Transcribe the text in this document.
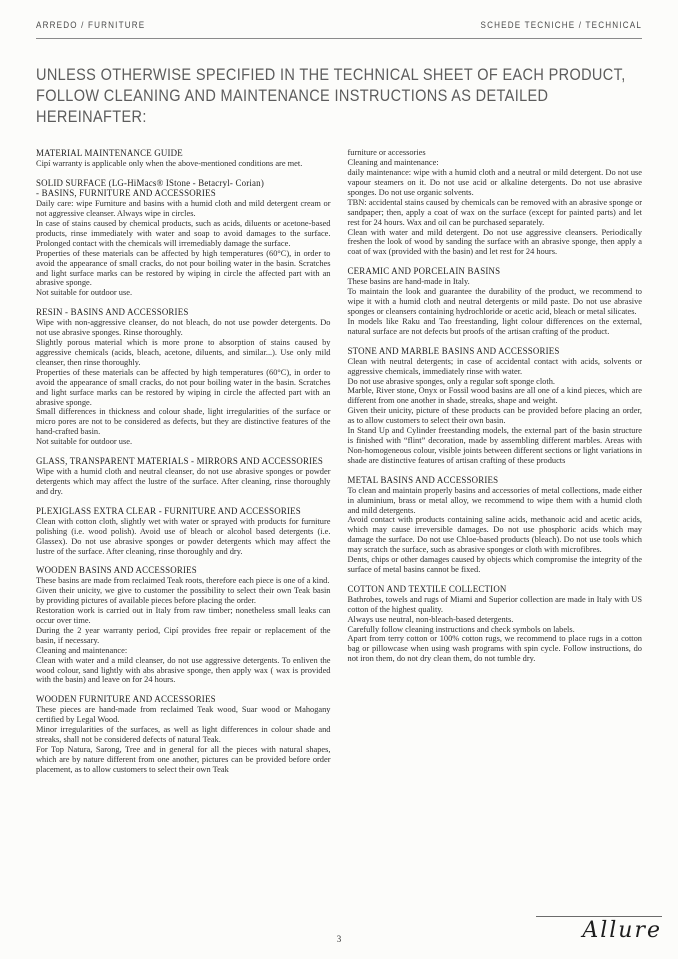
ARREDO / FURNITURE	SCHEDE TECNICHE / TECHNICAL
UNLESS OTHERWISE SPECIFIED IN THE TECHNICAL SHEET OF EACH PRODUCT, FOLLOW CLEANING AND MAINTENANCE INSTRUCTIONS AS DETAILED HEREINAFTER:
MATERIAL MAINTENANCE GUIDE

Cipí warranty is applicable only when the above-mentioned conditions are met.

SOLID SURFACE (LG-HiMacs® IStone - Betacryl- Corian)
- BASINS, FURNITURE AND ACCESSORIES

Daily care: wipe Furniture and basins with a humid cloth and mild detergent cream or not aggressive cleanser. Always wipe in circles.

In case of stains caused by chemical products, such as acids, diluents or acetone-based products, rinse immediately with water and soap to avoid damages to the surface. Prolonged contact with the chemicals will irremediably damage the surface.

Properties of these materials can be affected by high temperatures (60°C), in order to avoid the appearance of small cracks, do not pour boiling water in the basin. Scratches and light surface marks can be restored by wiping in circle the affected part with an abrasive sponge.

Not suitable for outdoor use.

RESIN - BASINS AND ACCESSORIES

Wipe with non-aggressive cleanser, do not bleach, do not use powder detergents. Do not use abrasive sponges. Rinse thoroughly.

Slightly porous material which is more prone to absorption of stains caused by aggressive chemicals (acids, bleach, acetone, diluents, and similar...). Use only mild cleanser, then rinse thoroughly.

Properties of these materials can be affected by high temperatures (60°C), in order to avoid the appearance of small cracks, do not pour boiling water in the basin. Scratches and light surface marks can be restored by wiping in circle the affected part with an abrasive sponge.

Small differences in thickness and colour shade, light irregularities of the surface or micro pores are not to be considered as defects, but they are distinctive features of the hand-crafted basin.

Not suitable for outdoor use.

GLASS, TRANSPARENT MATERIALS - MIRRORS AND ACCESSORIES

Wipe with a humid cloth and neutral cleanser, do not use abrasive sponges or powder detergents which may affect the lustre of the surface. After cleaning, rinse thoroughly and dry.

PLEXIGLASS EXTRA CLEAR - FURNITURE AND ACCESSORIES

Clean with cotton cloth, slightly wet with water or sprayed with products for furniture polishing (i.e. wood polish). Avoid use of bleach or alcohol based detergents (i.e. Glassex). Do not use abrasive sponges or powder detergents which may affect the lustre of the surface. After cleaning, rinse thoroughly and dry.

WOODEN BASINS AND ACCESSORIES

These basins are made from reclaimed Teak roots, therefore each piece is one of a kind.

Given their unicity, we give to customer the possibility to select their own Teak basin by providing pictures of available pieces before placing the order.

Restoration work is carried out in Italy from raw timber; nonetheless small leaks can occur over time.

During the 2 year warranty period, Cipí provides free repair or replacement of the basin, if necessary.

Cleaning and maintenance:

Clean with water and a mild cleanser, do not use aggressive detergents. To enliven the wood colour, sand lightly with abs abrasive sponge, then apply wax ( wax is provided with the basin) and leave on for 24 hours.

WOODEN FURNITURE AND ACCESSORIES

These pieces are hand-made from reclaimed Teak wood, Suar wood or Mahogany certified by Legal Wood.

Minor irregularities of the surfaces, as well as light differences in colour shade and streaks, shall not be considered defects of natural Teak.

For Top Natura, Sarong, Tree and in general for all the pieces with natural shapes, which are by nature different from one another, pictures can be provided before order placement, as to allow customers to select their own Teak

furniture or accessories

Cleaning and maintenance:

daily maintenance: wipe with a humid cloth and a neutral or mild detergent. Do not use vapour steamers on it. Do not use acid or alkaline detergents. Do not use abrasive sponges. Do not use organic solvents.

TBN: accidental stains caused by chemicals can be removed with an abrasive sponge or sandpaper; then, apply a coat of wax on the surface (except for painted parts) and let rest for 24 hours. Wax and oil can be purchased separately.

Clean with water and mild detergent. Do not use aggressive cleansers. Periodically freshen the look of wood by sanding the surface with an abrasive sponge, then apply a coat of wax (provided with the basin) and let rest for 24 hours.

CERAMIC AND PORCELAIN BASINS

These basins are hand-made in Italy.

To maintain the look and guarantee the durability of the product, we recommend to wipe it with a humid cloth and neutral detergents or mild paste. Do not use abrasive sponges or cleansers containing hydrochloride or acetic acid, bleach or metal silicates.

In models like Raku and Tao freestanding, light colour differences on the external, natural surface are not defects but proofs of the artisan crafting of the product.

STONE AND MARBLE BASINS AND ACCESSORIES

Clean with neutral detergents; in case of accidental contact with acids, solvents or aggressive chemicals, immediately rinse with water.

Do not use abrasive sponges, only a regular soft sponge cloth.

Marble, River stone, Onyx or Fossil wood basins are all one of a kind pieces, which are different from one another in shade, streaks, shape and weight.

Given their unicity, picture of these products can be provided before placing an order, as to allow customers to select their own basin.

In Stand Up and Cylinder freestanding models, the external part of the basin structure is finished with “flint” decoration, made by assembling different marbles. Areas with Non-homogeneous colour, visible joints between different sections or light variations in shade are distinctive features of artisan crafting of these products

METAL BASINS AND ACCESSORIES

To clean and maintain properly basins and accessories of metal collections, made either in aluminium, brass or metal alloy, we recommend to wipe them with a humid cloth and mild detergents.

Avoid contact with products containing saline acids, methanoic acid and acetic acids, which may cause irreversible damages. Do not use phosphoric acids which may damage the surface. Do not use Chloe-based products (bleach). Do not use tools which may scratch the surface, such as abrasive sponges or cloth with microfibres.

Dents, chips or other damages caused by objects which compromise the integrity of the surface of metal basins cannot be fixed.

COTTON AND TEXTILE COLLECTION

Bathrobes, towels and rugs of Miami and Superior collection are made in Italy with US cotton of the highest quality.

Always use neutral, non-bleach-based detergents.

Carefully follow cleaning instructions and check symbols on labels.

Apart from terry cotton or 100% cotton rugs, we recommend to place rugs in a cotton bag or pillowcase when using wash programs with spin cycle. Follow instructions, do not iron them, do not dry clean them, do not tumble dry.

3	Allure
